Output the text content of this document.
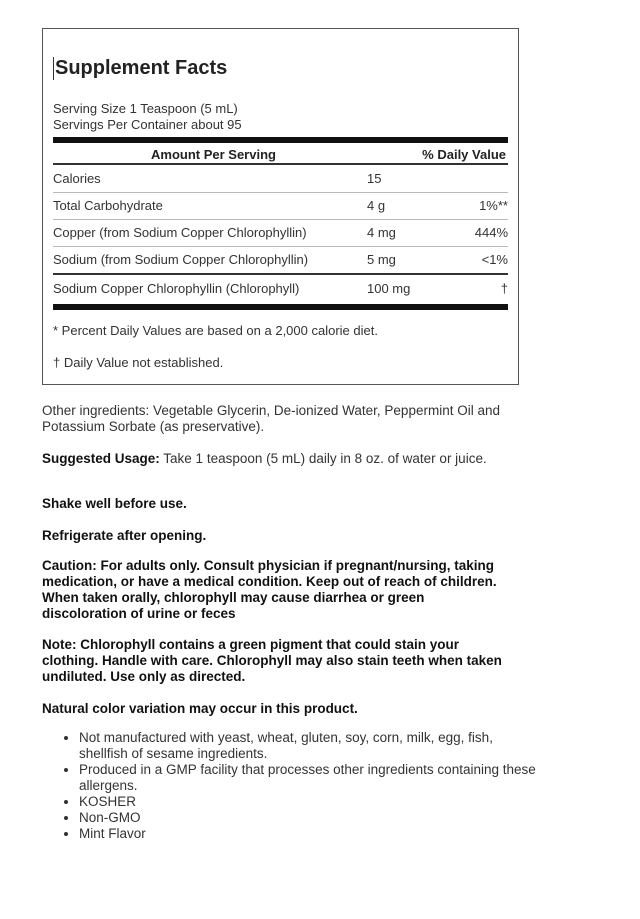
Supplement Facts
Serving Size 1 Teaspoon (5 mL)
Servings Per Container about 95
Amount Per Serving	% Daily Value
Calories	15
Total Carbohydrate	4 g	1%**
Copper (from Sodium Copper Chlorophyllin)	4 mg	444%
Sodium (from Sodium Copper Chlorophyllin)	5 mg	<1%
Sodium Copper Chlorophyllin (Chlorophyll)	100 mg	†
* Percent Daily Values are based on a 2,000 calorie diet.
† Daily Value not established.
Other ingredients: Vegetable Glycerin, De-ionized Water, Peppermint Oil and Potassium Sorbate (as preservative).
Suggested Usage: Take 1 teaspoon (5 mL) daily in 8 oz. of water or juice.
Shake well before use.
Refrigerate after opening.
Caution: For adults only. Consult physician if pregnant/nursing, taking medication, or have a medical condition. Keep out of reach of children. When taken orally, chlorophyll may cause diarrhea or green discoloration of urine or feces
Note: Chlorophyll contains a green pigment that could stain your clothing. Handle with care. Chlorophyll may also stain teeth when taken undiluted. Use only as directed.
Natural color variation may occur in this product.
• Not manufactured with yeast, wheat, gluten, soy, corn, milk, egg, fish, shellfish of sesame ingredients.
• Produced in a GMP facility that processes other ingredients containing these allergens.
• KOSHER
• Non-GMO
• Mint Flavor
